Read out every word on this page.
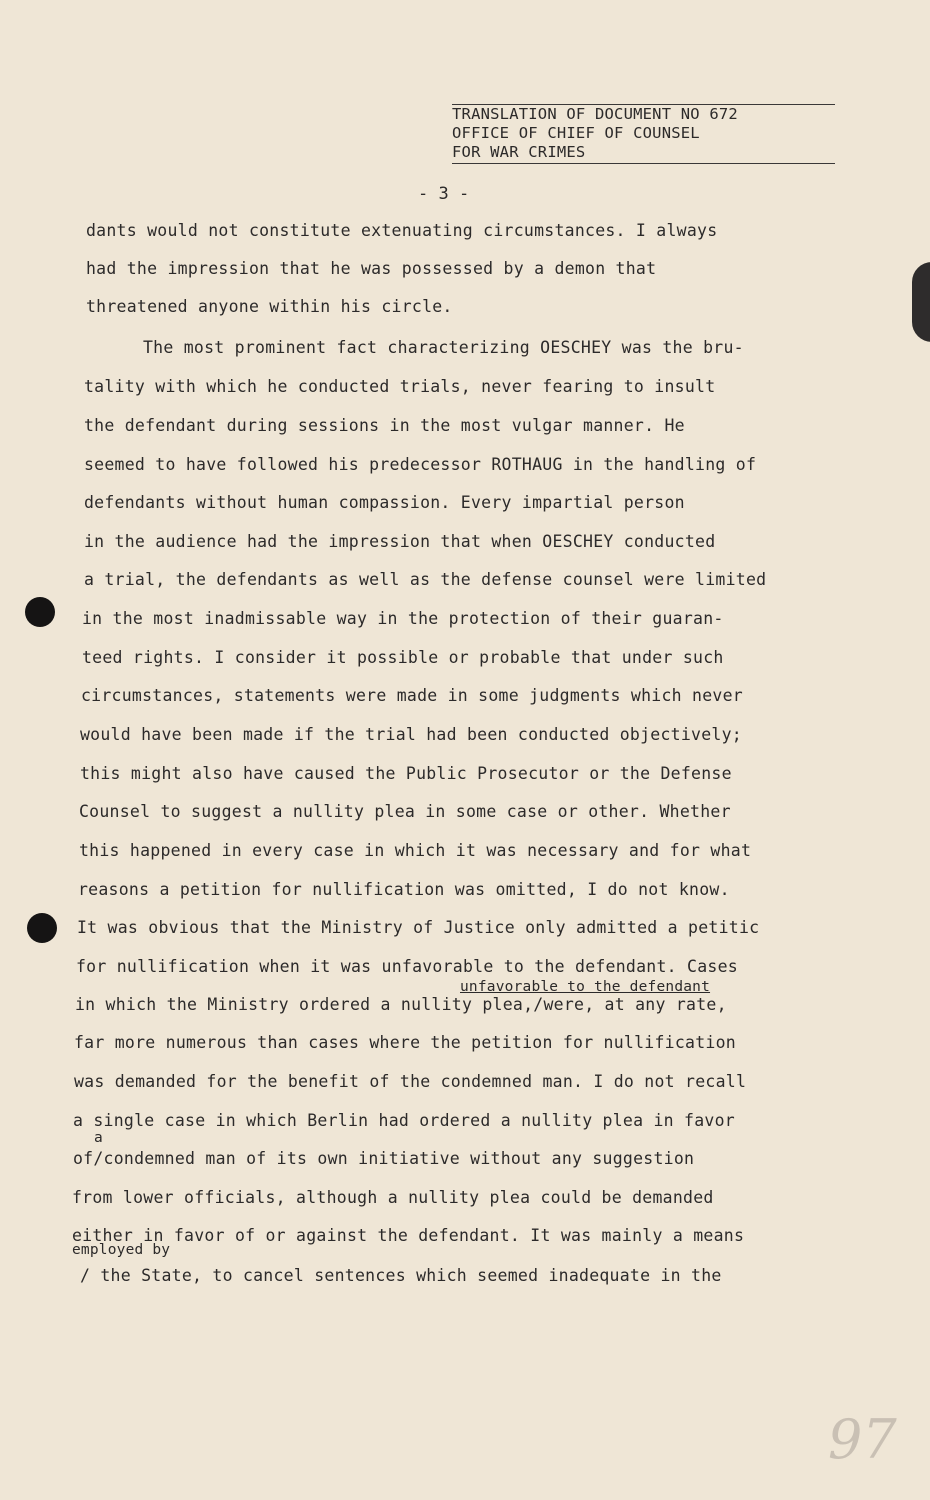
TRANSLATION OF DOCUMENT NO 672
OFFICE OF CHIEF OF COUNSEL
FOR WAR CRIMES
- 3 -
dants would not constitute extenuating circumstances. I always
had the impression that he was possessed by a demon that
threatened anyone within his circle.
The most prominent fact characterizing OESCHEY was the bru-
tality with which he conducted trials, never fearing to insult
the defendant during sessions in the most vulgar manner. He
seemed to have followed his predecessor ROTHAUG in the handling of
defendants without human compassion. Every impartial person
in the audience had the impression that when OESCHEY conducted
a trial, the defendants as well as the defense counsel were limited
in the most inadmissable way in the protection of their guaran-
teed rights. I consider it possible or probable that under such
circumstances, statements were made in some judgments which never
would have been made if the trial had been conducted objectively;
this might also have caused the Public Prosecutor or the Defense
Counsel to suggest a nullity plea in some case or other. Whether
this happened in every case in which it was necessary and for what
reasons a petition for nullification was omitted, I do not know.
It was obvious that the Ministry of Justice only admitted a petitic
for nullification when it was unfavorable to the defendant. Cases
unfavorable to the defendant
in which the Ministry ordered a nullity plea,/were, at any rate,
far more numerous than cases where the petition for nullification
was demanded for the benefit of the condemned man. I do not recall
a single case in which Berlin had ordered a nullity plea in favor
a
of/condemned man of its own initiative without any suggestion
from lower officials, although a nullity plea could be demanded
either in favor of or against the defendant. It was mainly a means
employed by
/ the State, to cancel sentences which seemed inadequate in the
97
